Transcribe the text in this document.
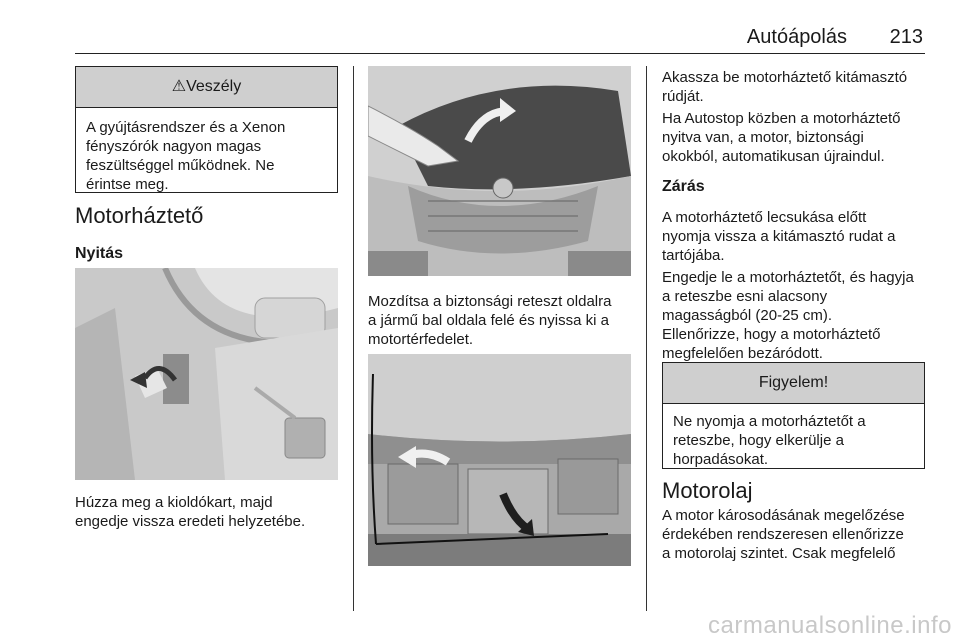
Autóápolás 213
⚠Veszély
A gyújtásrendszer és a Xenon
fényszórók nagyon magas
feszültséggel működnek. Ne
érintse meg.
Motorháztető
Nyitás
Húzza meg a kioldókart, majd
engedje vissza eredeti helyzetébe.
Mozdítsa a biztonsági reteszt oldalra
a jármű bal oldala felé és nyissa ki a
motortérfedelet.
Akassza be motorháztető kitámasztó
rúdját.
Ha Autostop közben a motorháztető
nyitva van, a motor, biztonsági
okokból, automatikusan újraindul.
Zárás
A motorháztető lecsukása előtt
nyomja vissza a kitámasztó rudat a
tartójába.
Engedje le a motorháztetőt, és hagyja
a reteszbe esni alacsony
magasságból (20-25 cm).
Ellenőrizze, hogy a motorháztető
megfelelően bezáródott.
Figyelem!
Ne nyomja a motorháztetőt a
reteszbe, hogy elkerülje a
horpadásokat.
Motorolaj
A motor károsodásának megelőzése
érdekében rendszeresen ellenőrizze
a motorolaj szintet. Csak megfelelő
carmanualsonline.info
